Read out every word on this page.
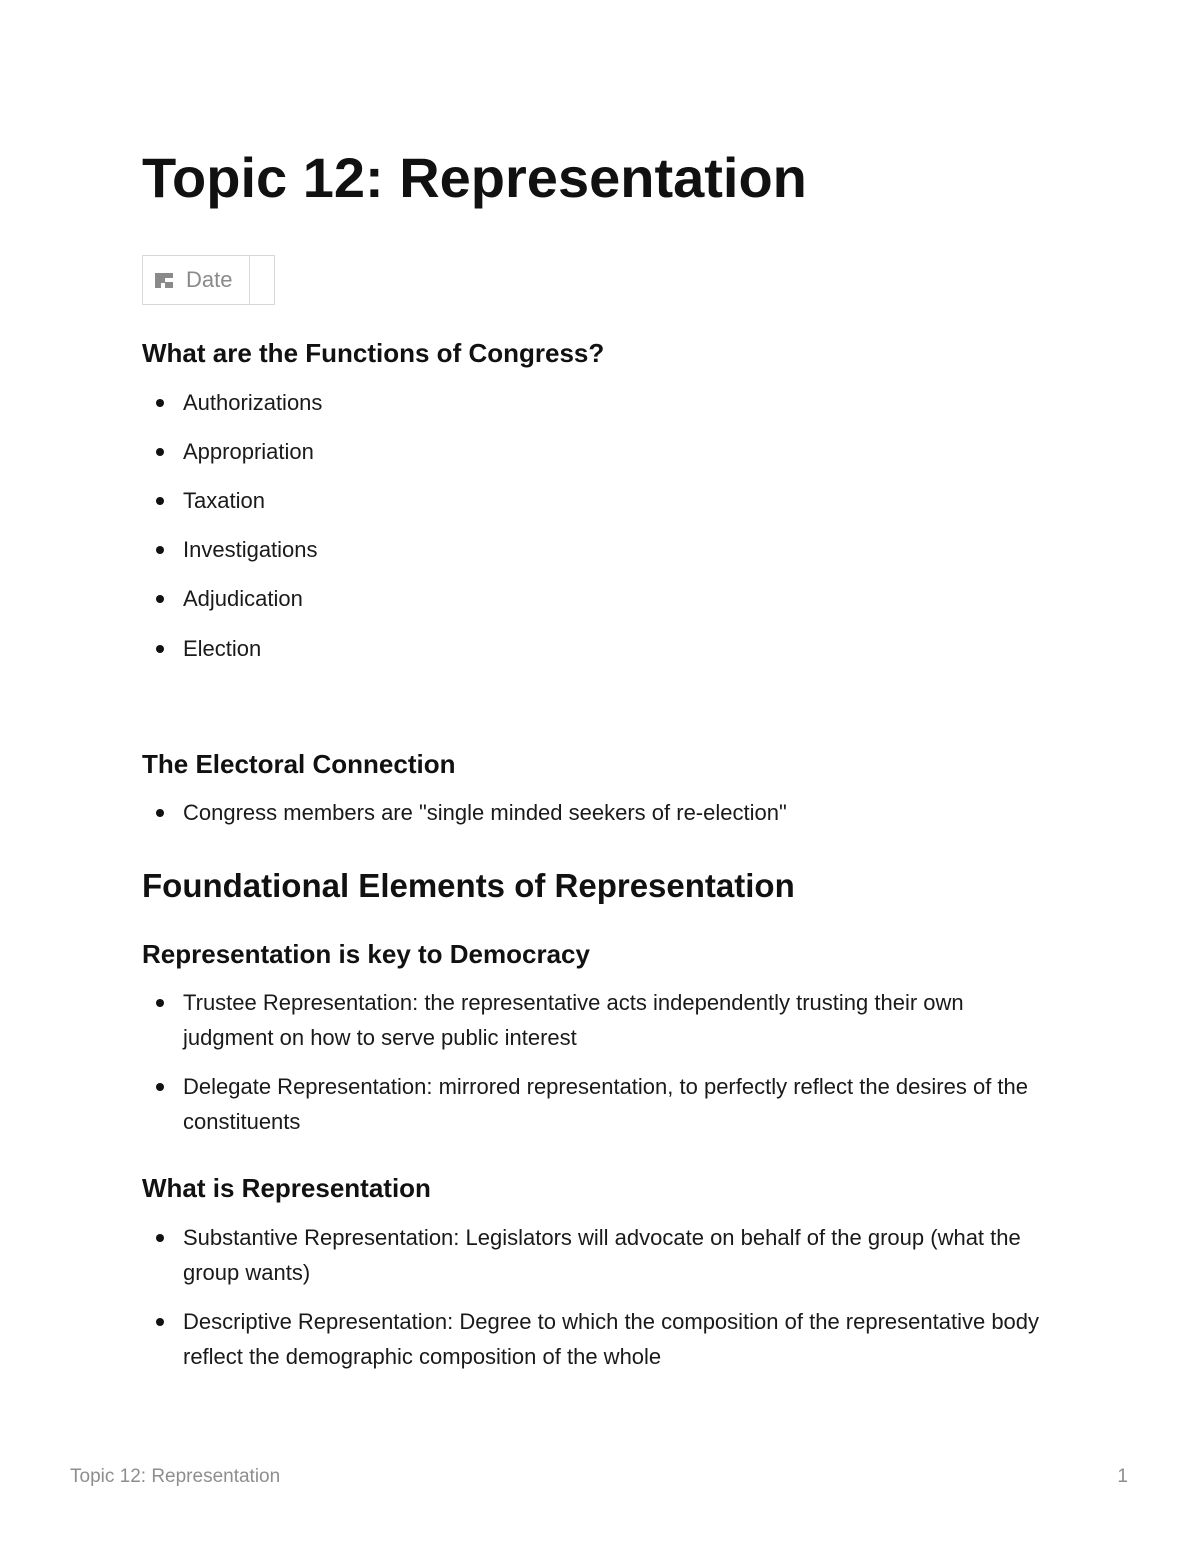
Topic 12: Representation
Date
What are the Functions of Congress?
Authorizations
Appropriation
Taxation
Investigations
Adjudication
Election
The Electoral Connection
Congress members are "single minded seekers of re-election"
Foundational Elements of Representation
Representation is key to Democracy
Trustee Representation: the representative acts independently trusting their own judgment on how to serve public interest
Delegate Representation: mirrored representation, to perfectly reflect the desires of the constituents
What is Representation
Substantive Representation: Legislators will advocate on behalf of the group (what the group wants)
Descriptive Representation: Degree to which the composition of the representative body reflect the demographic composition of the whole
Topic 12: Representation	1
